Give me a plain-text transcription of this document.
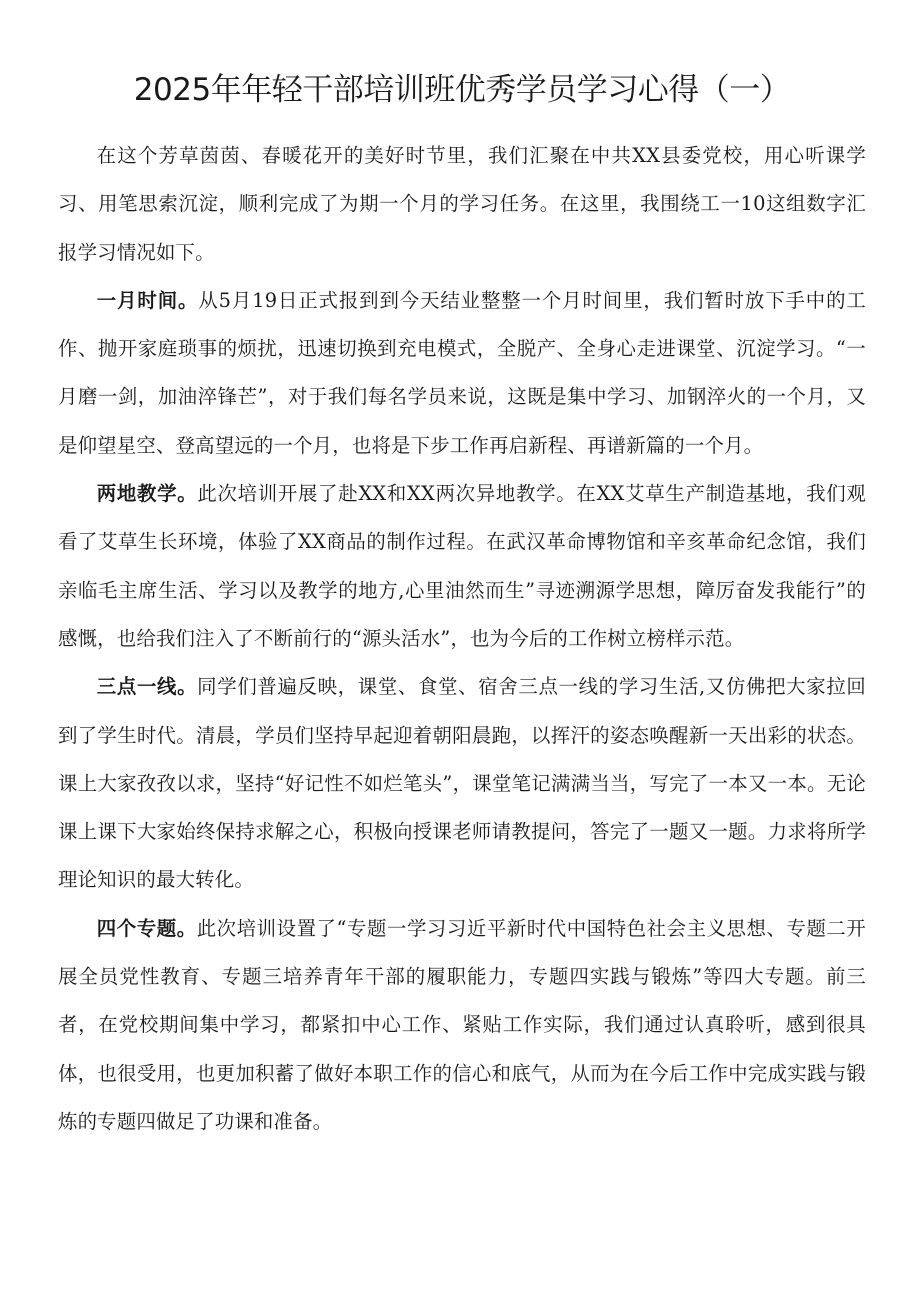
2025年年轻干部培训班优秀学员学习心得（一）

在这个芳草茵茵、春暖花开的美好时节里，我们汇聚在中共XX县委党校，用心听课学习、用笔思索沉淀，顺利完成了为期一个月的学习任务。在这里，我围绕工一10这组数字汇报学习情况如下。

一月时间。从5月19日正式报到到今天结业整整一个月时间里，我们暂时放下手中的工作、抛开家庭琐事的烦扰，迅速切换到充电模式，全脱产、全身心走进课堂、沉淀学习。“一月磨一剑，加油淬锋芒”，对于我们每名学员来说，这既是集中学习、加钢淬火的一个月，又是仰望星空、登高望远的一个月，也将是下步工作再启新程、再谱新篇的一个月。

两地教学。此次培训开展了赴XX和XX两次异地教学。在XX艾草生产制造基地，我们观看了艾草生长环境，体验了XX商品的制作过程。在武汉革命博物馆和辛亥革命纪念馆，我们亲临毛主席生活、学习以及教学的地方,心里油然而生”寻迹溯源学思想，障厉奋发我能行”的感慨，也给我们注入了不断前行的“源头活水”，也为今后的工作树立榜样示范。

三点一线。同学们普遍反映，课堂、食堂、宿舍三点一线的学习生活,又仿佛把大家拉回到了学生时代。清晨，学员们坚持早起迎着朝阳晨跑，以挥汗的姿态唤醒新一天出彩的状态。课上大家孜孜以求，坚持“好记性不如烂笔头”，课堂笔记满满当当，写完了一本又一本。无论课上课下大家始终保持求解之心，积极向授课老师请教提问，答完了一题又一题。力求将所学理论知识的最大转化。

四个专题。此次培训设置了“专题一学习习近平新时代中国特色社会主义思想、专题二开展全员党性教育、专题三培养青年干部的履职能力，专题四实践与锻炼”等四大专题。前三者，在党校期间集中学习，都紧扣中心工作、紧贴工作实际，我们通过认真聆听，感到很具体，也很受用，也更加积蓄了做好本职工作的信心和底气，从而为在今后工作中完成实践与锻炼的专题四做足了功课和准备。
